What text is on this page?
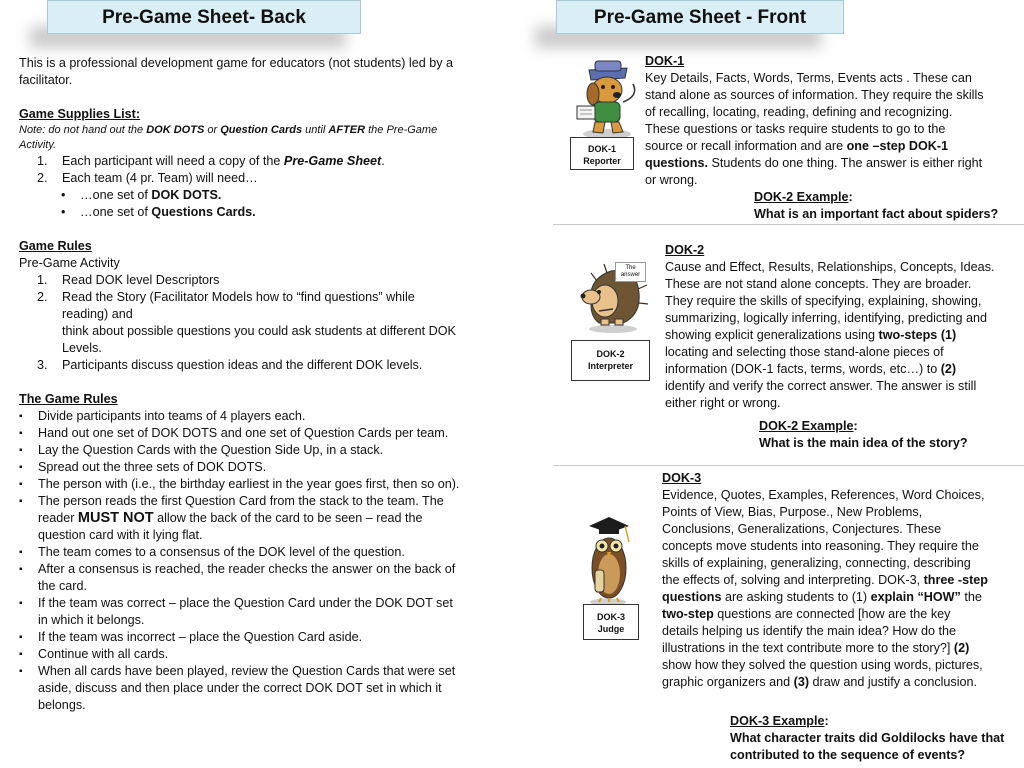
Pre-Game Sheet- Back	Pre-Game Sheet - Front

This is a professional development game for educators (not students) led by a facilitator.

Game Supplies List:

Note: do not hand out the DOK DOTS or Question Cards until AFTER the Pre-Game Activity.

1. Each participant will need a copy of the Pre-Game Sheet.
2. Each team (4 pr. Team) will need…
• …one set of DOK DOTS.
• …one set of Questions Cards.

Game Rules

Pre-Game Activity

1. Read DOK level Descriptors
2. Read the Story (Facilitator Models how to “find questions” while reading) and
think about possible questions you could ask students at different DOK Levels.
3. Participants discuss question ideas and the different DOK levels.

The Game Rules

▪ Divide participants into teams of 4 players each.
▪ Hand out one set of DOK DOTS and one set of Question Cards per team.
▪ Lay the Question Cards with the Question Side Up, in a stack.
▪ Spread out the three sets of DOK DOTS.
▪ The person with (i.e., the birthday earliest in the year goes first, then so on).
▪ The person reads the first Question Card from the stack to the team. The reader MUST NOT allow the back of the card to be seen – read the question card with it lying flat.
▪ The team comes to a consensus of the DOK level of the question.
▪ After a consensus is reached, the reader checks the answer on the back of the card.
▪ If the team was correct – place the Question Card under the DOK DOT set in which it belongs.
▪ If the team was incorrect – place the Question Card aside.
▪ Continue with all cards.
▪ When all cards have been played, review the Question Cards that were set aside, discuss and then place under the correct DOK DOT set in which it belongs.
DOK-1
Reporter

DOK-1

Key Details, Facts, Words, Terms, Events acts . These can stand alone as sources of information. They require the skills of recalling, locating, reading, defining and recognizing. These questions or tasks require students to go to the source or recall information and are one –step DOK-1 questions. Students do one thing. The answer is either right or wrong.

DOK-2 Example:
What is an important fact about spiders?
The
answer
DOK-2
Interpreter

DOK-2

Cause and Effect, Results, Relationships, Concepts, Ideas. These are not stand alone concepts. They are broader. They require the skills of specifying, explaining, showing, summarizing, logically inferring, identifying, predicting and showing explicit generalizations using two-steps (1) locating and selecting those stand-alone pieces of information (DOK-1 facts, terms, words, etc…) to (2) identify and verify the correct answer. The answer is still either right or wrong.

DOK-2 Example:
What is the main idea of the story?
DOK-3
Judge

DOK-3

Evidence, Quotes, Examples, References, Word Choices, Points of View, Bias, Purpose., New Problems, Conclusions, Generalizations, Conjectures. These concepts move students into reasoning. They require the skills of explaining, generalizing, connecting, describing the effects of, solving and interpreting. DOK-3, three -step questions are asking students to (1) explain “HOW” the two-step questions are connected [how are the key details helping us identify the main idea? How do the illustrations in the text contribute more to the story?] (2) show how they solved the question using words, pictures, graphic organizers and (3) draw and justify a conclusion.

DOK-3 Example:
What character traits did Goldilocks have that contributed to the sequence of events?
